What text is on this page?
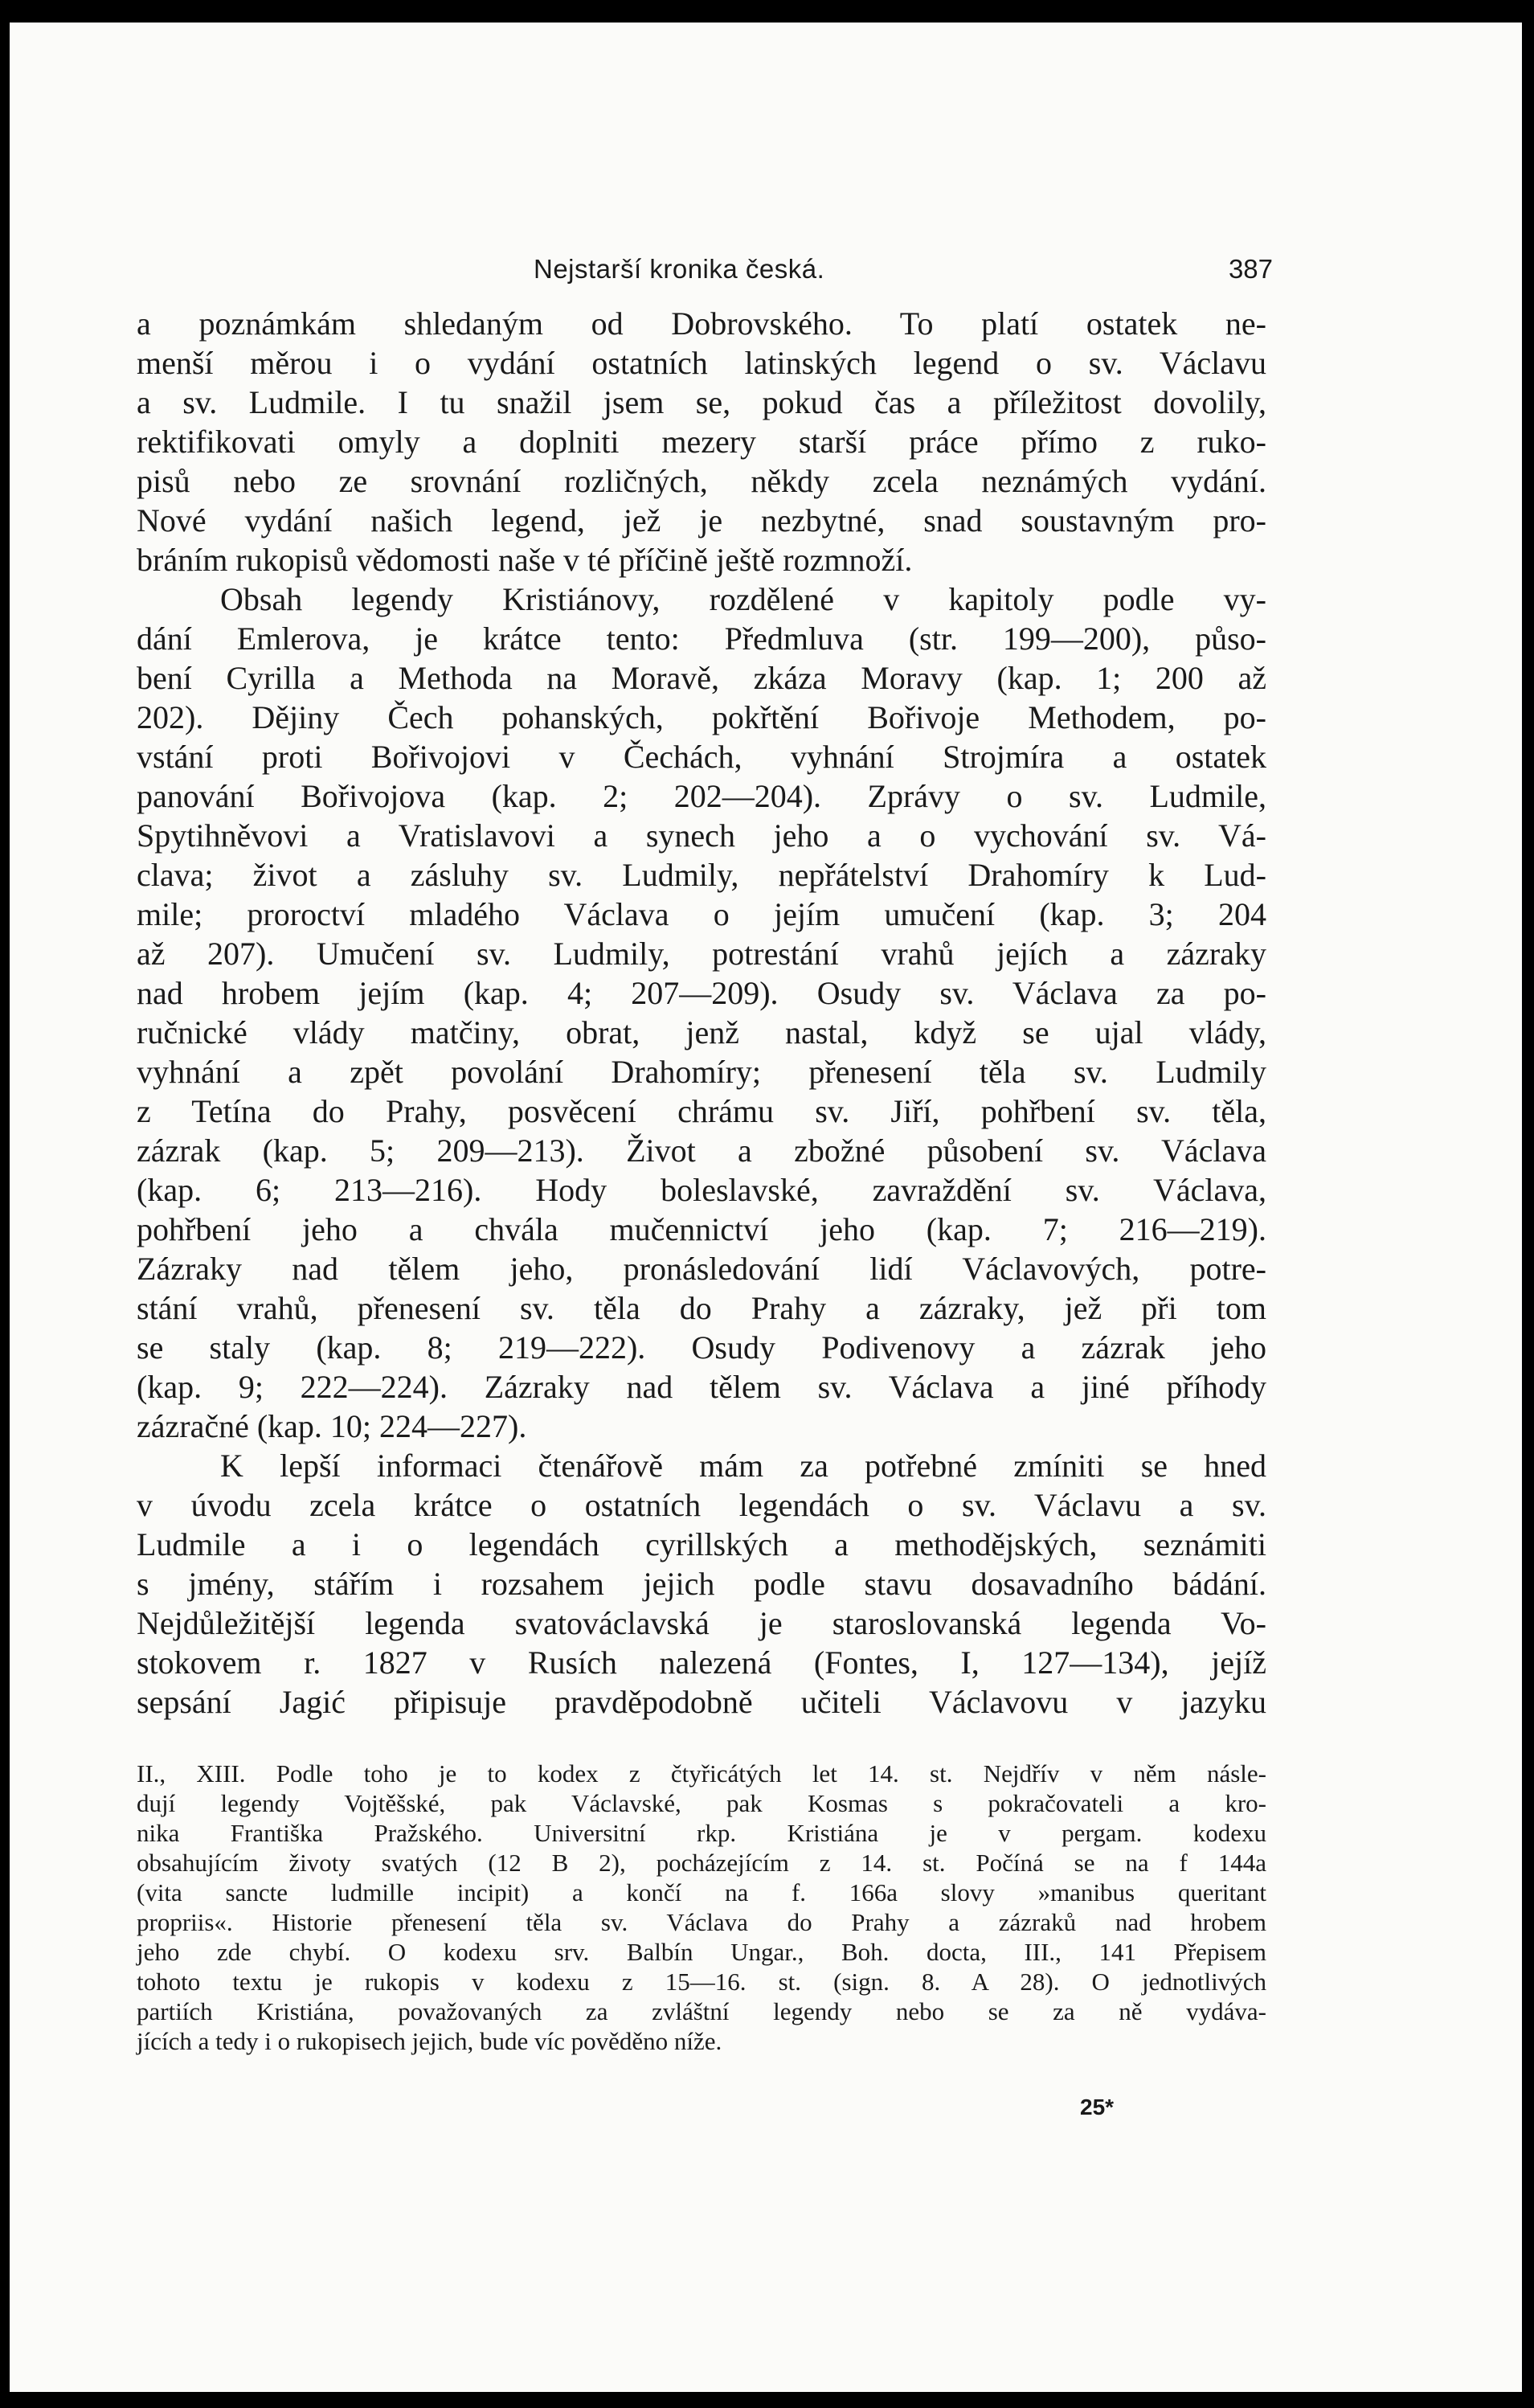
Nejstarší kronika česká.	387
a poznámkám shledaným od Dobrovského. To platí ostatek ne-
menší měrou i o vydání ostatních latinských legend o sv. Václavu
a sv. Ludmile. I tu snažil jsem se, pokud čas a příležitost dovolily,
rektifikovati omyly a doplniti mezery starší práce přímo z ruko-
pisů nebo ze srovnání rozličných, někdy zcela neznámých vydání.
Nové vydání našich legend, jež je nezbytné, snad soustavným pro-
bráním rukopisů vědomosti naše v té příčině ještě rozmnoží.
Obsah legendy Kristiánovy, rozdělené v kapitoly podle vy-
dání Emlerova, je krátce tento: Předmluva (str. 199—200), půso-
bení Cyrilla a Methoda na Moravě, zkáza Moravy (kap. 1; 200 až
202). Dějiny Čech pohanských, pokřtění Bořivoje Methodem, po-
vstání proti Bořivojovi v Čechách, vyhnání Strojmíra a ostatek
panování Bořivojova (kap. 2; 202—204). Zprávy o sv. Ludmile,
Spytihněvovi a Vratislavovi a synech jeho a o vychování sv. Vá-
clava; život a zásluhy sv. Ludmily, nepřátelství Drahomíry k Lud-
mile; proroctví mladého Václava o jejím umučení (kap. 3; 204
až 207). Umučení sv. Ludmily, potrestání vrahů jejích a zázraky
nad hrobem jejím (kap. 4; 207—209). Osudy sv. Václava za po-
ručnické vlády matčiny, obrat, jenž nastal, když se ujal vlády,
vyhnání a zpět povolání Drahomíry; přenesení těla sv. Ludmily
z Tetína do Prahy, posvěcení chrámu sv. Jiří, pohřbení sv. těla,
zázrak (kap. 5; 209—213). Život a zbožné působení sv. Václava
(kap. 6; 213—216). Hody boleslavské, zavraždění sv. Václava,
pohřbení jeho a chvála mučennictví jeho (kap. 7; 216—219).
Zázraky nad tělem jeho, pronásledování lidí Václavových, potre-
stání vrahů, přenesení sv. těla do Prahy a zázraky, jež při tom
se staly (kap. 8; 219—222). Osudy Podivenovy a zázrak jeho
(kap. 9; 222—224). Zázraky nad tělem sv. Václava a jiné příhody
zázračné (kap. 10; 224—227).
K lepší informaci čtenářově mám za potřebné zmíniti se hned
v úvodu zcela krátce o ostatních legendách o sv. Václavu a sv.
Ludmile a i o legendách cyrillských a methodějských, seznámiti
s jmény, stářím i rozsahem jejich podle stavu dosavadního bádání.
Nejdůležitější legenda svatováclavská je staroslovanská legenda Vo-
stokovem r. 1827 v Rusích nalezená (Fontes, I, 127—134), jejíž
sepsání Jagić připisuje pravděpodobně učiteli Václavovu v jazyku
II., XIII. Podle toho je to kodex z čtyřicátých let 14. st. Nejdřív v něm násle-
dují legendy Vojtěšské, pak Václavské, pak Kosmas s pokračovateli a kro-
nika Františka Pražského. Universitní rkp. Kristiána je v pergam. kodexu
obsahujícím životy svatých (12 B 2), pocházejícím z 14. st. Počíná se na f 144a
(vita sancte ludmille incipit) a končí na f. 166a slovy »manibus queritant
propriis«. Historie přenesení těla sv. Václava do Prahy a zázraků nad hrobem
jeho zde chybí. O kodexu srv. Balbín Ungar., Boh. docta, III., 141 Přepisem
tohoto textu je rukopis v kodexu z 15—16. st. (sign. 8. A 28). O jednotlivých
partiích Kristiána, považovaných za zvláštní legendy nebo se za ně vydáva-
jících a tedy i o rukopisech jejich, bude víc pověděno níže.
25*
